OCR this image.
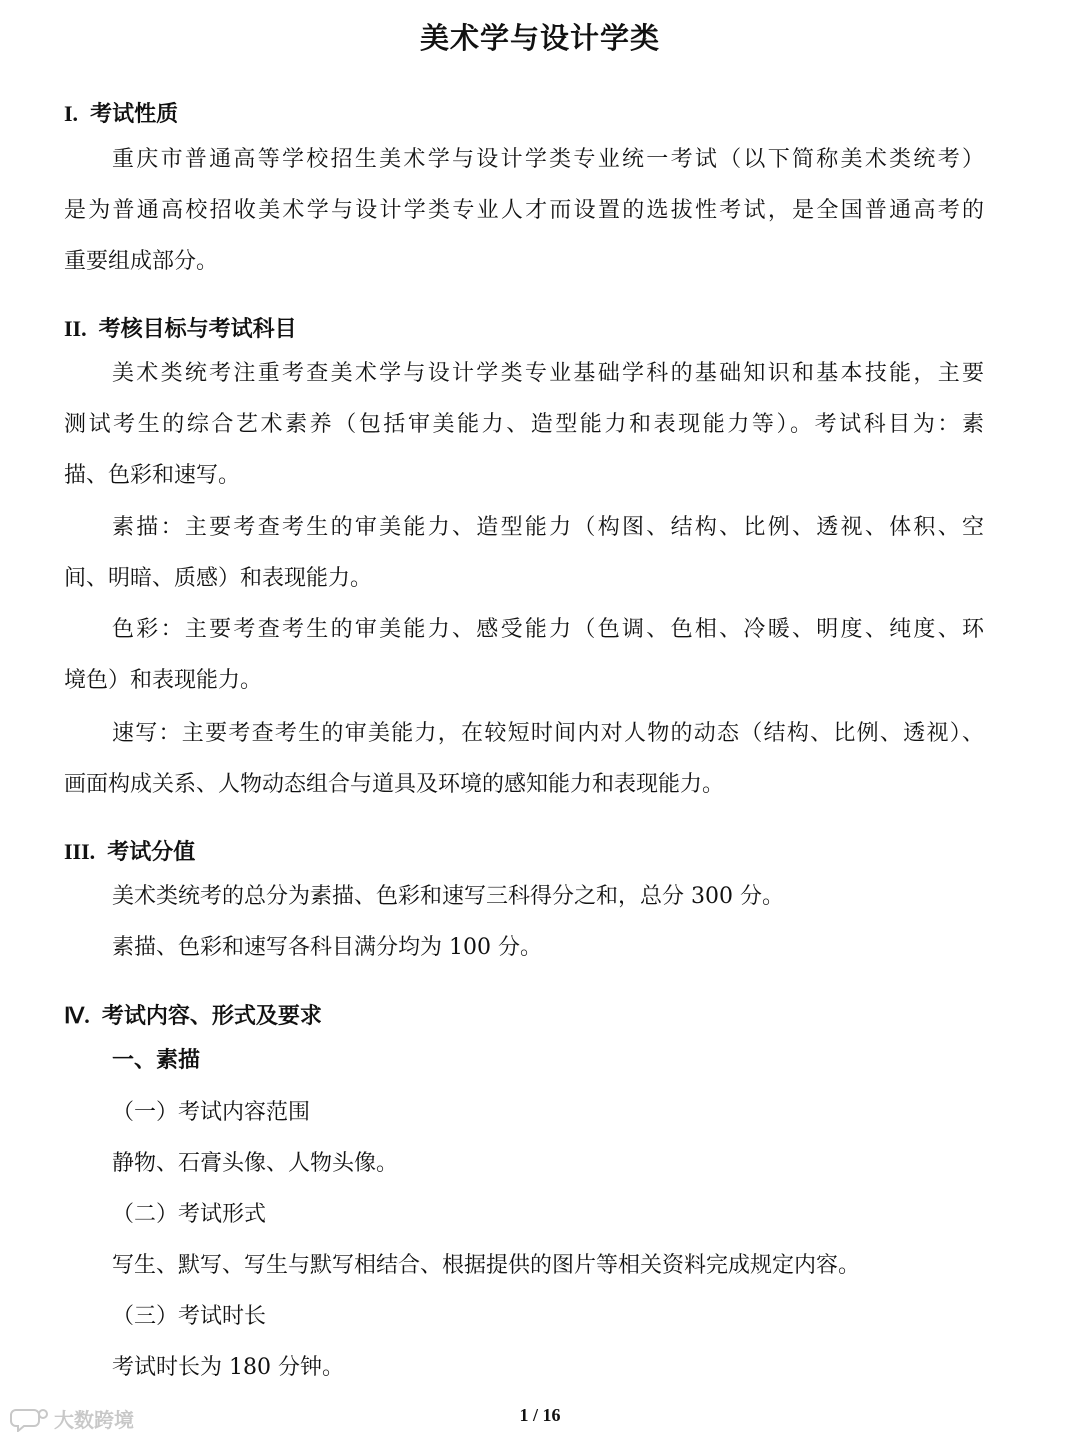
美术学与设计学类
I. 考试性质
重庆市普通高等学校招生美术学与设计学类专业统一考试（以下简称美术类统考）
是为普通高校招收美术学与设计学类专业人才而设置的选拔性考试，是全国普通高考的
重要组成部分。
II. 考核目标与考试科目
美术类统考注重考查美术学与设计学类专业基础学科的基础知识和基本技能，主要
测试考生的综合艺术素养（包括审美能力、造型能力和表现能力等）。考试科目为：素
描、色彩和速写。
素描：主要考查考生的审美能力、造型能力（构图、结构、比例、透视、体积、空
间、明暗、质感）和表现能力。
色彩：主要考查考生的审美能力、感受能力（色调、色相、冷暖、明度、纯度、环
境色）和表现能力。
速写：主要考查考生的审美能力，在较短时间内对人物的动态（结构、比例、透视）、
画面构成关系、人物动态组合与道具及环境的感知能力和表现能力。
III. 考试分值
美术类统考的总分为素描、色彩和速写三科得分之和，总分 300 分。
素描、色彩和速写各科目满分均为 100 分。
Ⅳ. 考试内容、形式及要求
一、素描
（一）考试内容范围
静物、石膏头像、人物头像。
（二）考试形式
写生、默写、写生与默写相结合、根据提供的图片等相关资料完成规定内容。
（三）考试时长
考试时长为 180 分钟。
1 / 16
大数跨境
